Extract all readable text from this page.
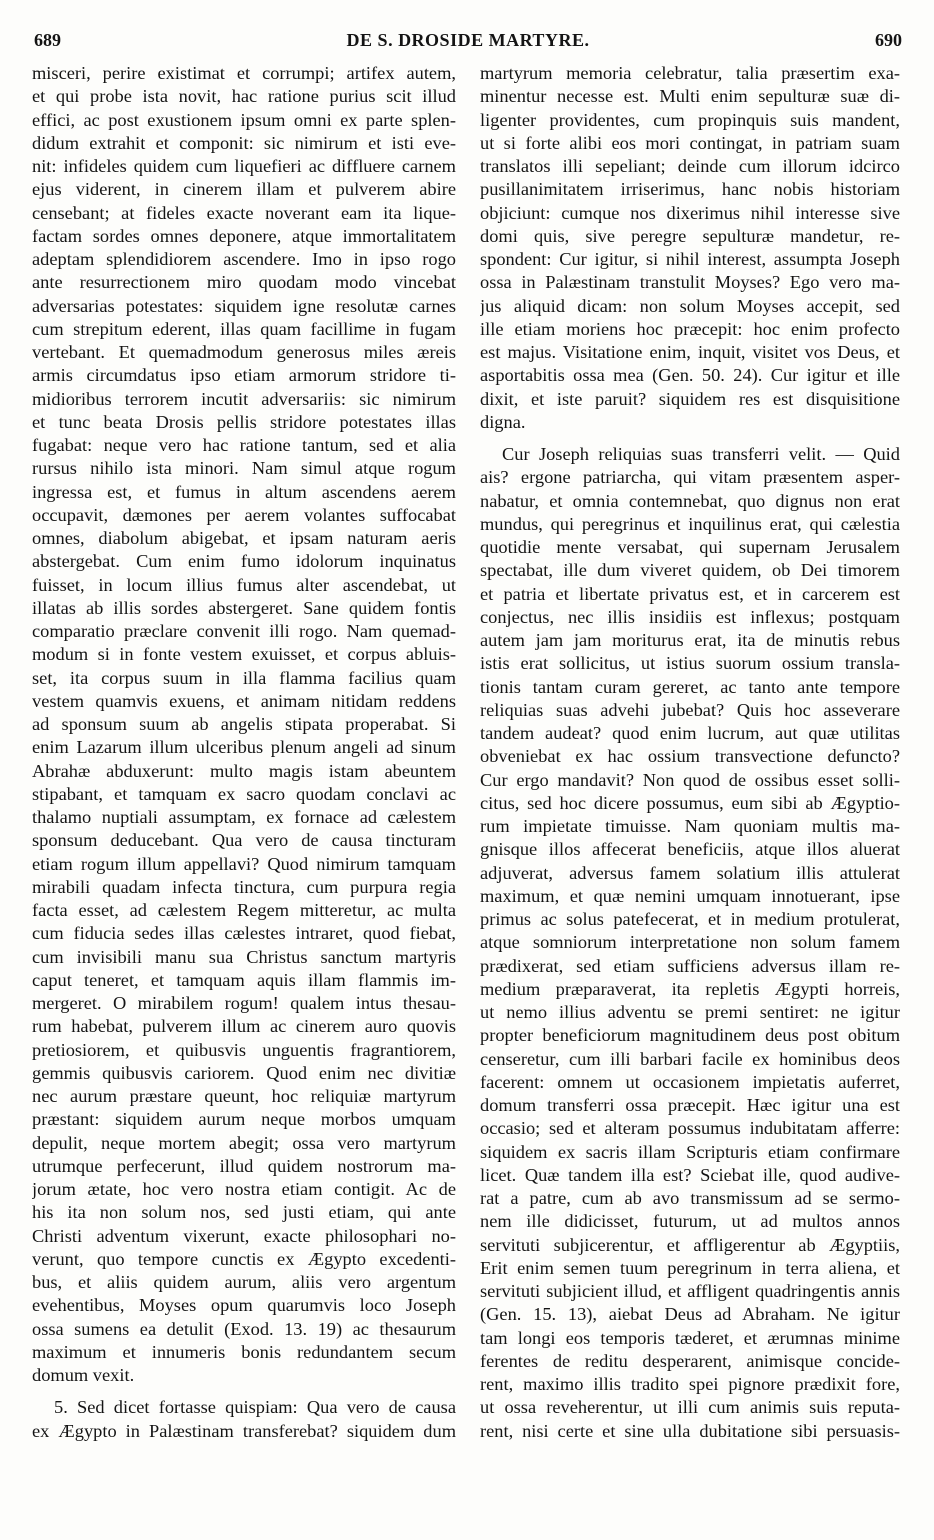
689	DE S. DROSIDE MARTYRE.	690
misceri, perire existimat et corrumpi; artifex autem,
et qui probe ista novit, hac ratione purius scit illud
effici, ac post exustionem ipsum omni ex parte splen-
didum extrahit et componit: sic nimirum et isti eve-
nit: infideles quidem cum liquefieri ac diffluere carnem
ejus viderent, in cinerem illam et pulverem abire
censebant; at fideles exacte noverant eam ita lique-
factam sordes omnes deponere, atque immortalitatem
adeptam splendidiorem ascendere. Imo in ipso rogo
ante resurrectionem miro quodam modo vincebat
adversarias potestates: siquidem igne resolutæ carnes
cum strepitum ederent, illas quam facillime in fugam
vertebant. Et quemadmodum generosus miles æreis
armis circumdatus ipso etiam armorum stridore ti-
midioribus terrorem incutit adversariis: sic nimirum
et tunc beata Drosis pellis stridore potestates illas
fugabat: neque vero hac ratione tantum, sed et alia
rursus nihilo ista minori. Nam simul atque rogum
ingressa est, et fumus in altum ascendens aerem
occupavit, dæmones per aerem volantes suffocabat
omnes, diabolum abigebat, et ipsam naturam aeris
abstergebat. Cum enim fumo idolorum inquinatus
fuisset, in locum illius fumus alter ascendebat, ut
illatas ab illis sordes abstergeret. Sane quidem fontis
comparatio præclare convenit illi rogo. Nam quemad-
modum si in fonte vestem exuisset, et corpus abluis-
set, ita corpus suum in illa flamma facilius quam
vestem quamvis exuens, et animam nitidam reddens
ad sponsum suum ab angelis stipata properabat. Si
enim Lazarum illum ulceribus plenum angeli ad sinum
Abrahæ abduxerunt: multo magis istam abeuntem
stipabant, et tamquam ex sacro quodam conclavi ac
thalamo nuptiali assumptam, ex fornace ad cælestem
sponsum deducebant. Qua vero de causa tincturam
etiam rogum illum appellavi? Quod nimirum tamquam
mirabili quadam infecta tinctura, cum purpura regia
facta esset, ad cælestem Regem mitteretur, ac multa
cum fiducia sedes illas cælestes intraret, quod fiebat,
cum invisibili manu sua Christus sanctum martyris
caput teneret, et tamquam aquis illam flammis im-
mergeret. O mirabilem rogum! qualem intus thesau-
rum habebat, pulverem illum ac cinerem auro quovis
pretiosiorem, et quibusvis unguentis fragrantiorem,
gemmis quibusvis cariorem. Quod enim nec divitiæ
nec aurum præstare queunt, hoc reliquiæ martyrum
præstant: siquidem aurum neque morbos umquam
depulit, neque mortem abegit; ossa vero martyrum
utrumque perfecerunt, illud quidem nostrorum ma-
jorum ætate, hoc vero nostra etiam contigit. Ac de
his ita non solum nos, sed justi etiam, qui ante
Christi adventum vixerunt, exacte philosophari no-
verunt, quo tempore cunctis ex Ægypto excedenti-
bus, et aliis quidem aurum, aliis vero argentum
evehentibus, Moyses opum quarumvis loco Joseph
ossa sumens ea detulit (Exod. 13. 19) ac thesaurum
maximum et innumeris bonis redundantem secum
domum vexit.
5. Sed dicet fortasse quispiam: Qua vero de causa
ex Ægypto in Palæstinam transferebat? siquidem dum
martyrum memoria celebratur, talia præsertim exa-
minentur necesse est. Multi enim sepulturæ suæ di-
ligenter providentes, cum propinquis suis mandent,
ut si forte alibi eos mori contingat, in patriam suam
translatos illi sepeliant; deinde cum illorum idcirco
pusillanimitatem irriserimus, hanc nobis historiam
objiciunt: cumque nos dixerimus nihil interesse sive
domi quis, sive peregre sepulturæ mandetur, re-
spondent: Cur igitur, si nihil interest, assumpta Joseph
ossa in Palæstinam transtulit Moyses? Ego vero ma-
jus aliquid dicam: non solum Moyses accepit, sed
ille etiam moriens hoc præcepit: hoc enim profecto
est majus. Visitatione enim, inquit, visitet vos Deus, et
asportabitis ossa mea (Gen. 50. 24). Cur igitur et ille
dixit, et iste paruit? siquidem res est disquisitione
digna.
Cur Joseph reliquias suas transferri velit. — Quid
ais? ergone patriarcha, qui vitam præsentem asper-
nabatur, et omnia contemnebat, quo dignus non erat
mundus, qui peregrinus et inquilinus erat, qui cælestia
quotidie mente versabat, qui supernam Jerusalem
spectabat, ille dum viveret quidem, ob Dei timorem
et patria et libertate privatus est, et in carcerem est
conjectus, nec illis insidiis est inflexus; postquam
autem jam jam moriturus erat, ita de minutis rebus
istis erat sollicitus, ut istius suorum ossium transla-
tionis tantam curam gereret, ac tanto ante tempore
reliquias suas advehi jubebat? Quis hoc asseverare
tandem audeat? quod enim lucrum, aut quæ utilitas
obveniebat ex hac ossium transvectione defuncto?
Cur ergo mandavit? Non quod de ossibus esset solli-
citus, sed hoc dicere possumus, eum sibi ab Ægyptio-
rum impietate timuisse. Nam quoniam multis ma-
gnisque illos affecerat beneficiis, atque illos aluerat
adjuverat, adversus famem solatium illis attulerat
maximum, et quæ nemini umquam innotuerant, ipse
primus ac solus patefecerat, et in medium protulerat,
atque somniorum interpretatione non solum famem
prædixerat, sed etiam sufficiens adversus illam re-
medium præparaverat, ita repletis Ægypti horreis,
ut nemo illius adventu se premi sentiret: ne igitur
propter beneficiorum magnitudinem deus post obitum
censeretur, cum illi barbari facile ex hominibus deos
facerent: omnem ut occasionem impietatis auferret,
domum transferri ossa præcepit. Hæc igitur una est
occasio; sed et alteram possumus indubitatam afferre:
siquidem ex sacris illam Scripturis etiam confirmare
licet. Quæ tandem illa est? Sciebat ille, quod audive-
rat a patre, cum ab avo transmissum ad se sermo-
nem ille didicisset, futurum, ut ad multos annos
servituti subjicerentur, et affligerentur ab Ægyptiis,
Erit enim semen tuum peregrinum in terra aliena, et
servituti subjicient illud, et affligent quadringentis annis
(Gen. 15. 13), aiebat Deus ad Abraham. Ne igitur
tam longi eos temporis tæderet, et ærumnas minime
ferentes de reditu desperarent, animisque concide-
rent, maximo illis tradito spei pignore prædixit fore,
ut ossa reveherentur, ut illi cum animis suis reputa-
rent, nisi certe et sine ulla dubitatione sibi persuasis-
